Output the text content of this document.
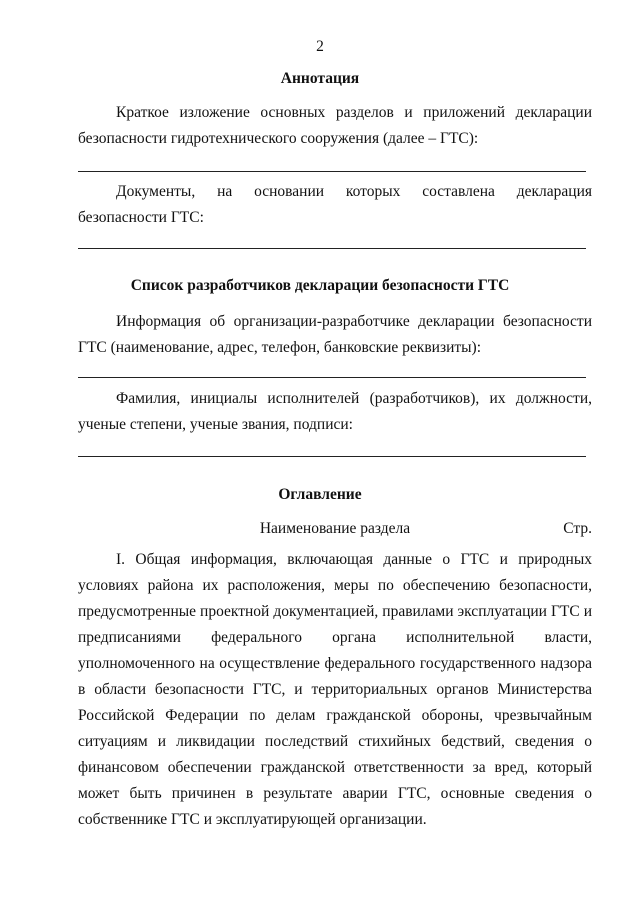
2
Аннотация
Краткое изложение основных разделов и приложений декларации безопасности гидротехнического сооружения (далее – ГТС):
Документы, на основании которых составлена декларация безопасности ГТС:
Список разработчиков декларации безопасности ГТС
Информация об организации-разработчике декларации безопасности ГТС (наименование, адрес, телефон, банковские реквизиты):
Фамилия, инициалы исполнителей (разработчиков), их должности, ученые степени, ученые звания, подписи:
Оглавление
Наименование раздела	Стр.
I. Общая информация, включающая данные о ГТС и природных условиях района их расположения, меры по обеспечению безопасности, предусмотренные проектной документацией, правилами эксплуатации ГТС и предписаниями федерального органа исполнительной власти, уполномоченного на осуществление федерального государственного надзора в области безопасности ГТС, и территориальных органов Министерства Российской Федерации по делам гражданской обороны, чрезвычайным ситуациям и ликвидации последствий стихийных бедствий, сведения о финансовом обеспечении гражданской ответственности за вред, который может быть причинен в результате аварии ГТС, основные сведения о собственнике ГТС и эксплуатирующей организации.
